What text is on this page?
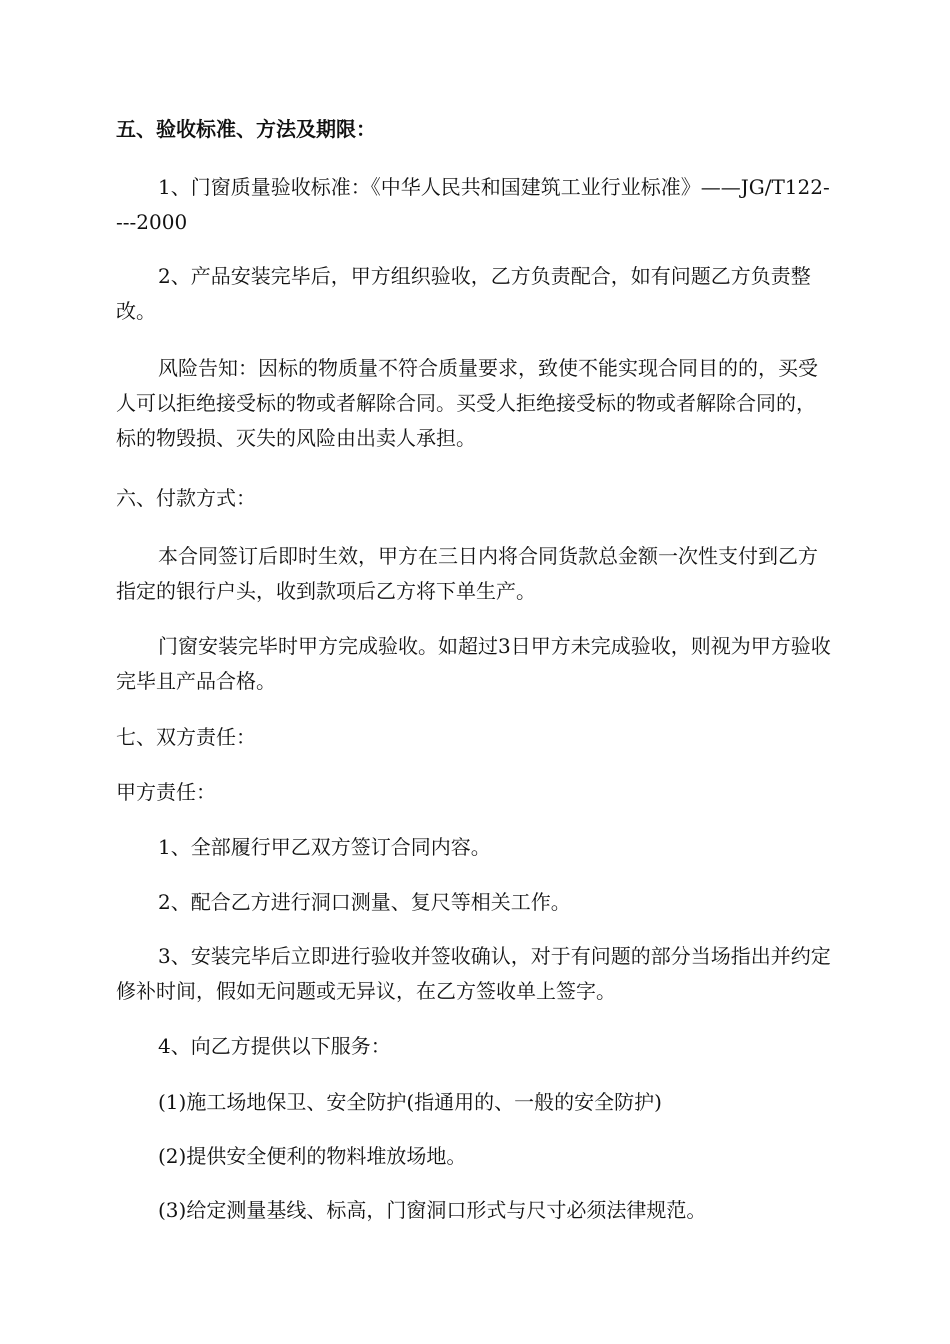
五、验收标准、方法及期限：

1、门窗质量验收标准：《中华人民共和国建筑工业行业标准》——JG/T122----2000

2、产品安装完毕后，甲方组织验收，乙方负责配合，如有问题乙方负责整改。

风险告知：因标的物质量不符合质量要求，致使不能实现合同目的的，买受人可以拒绝接受标的物或者解除合同。买受人拒绝接受标的物或者解除合同的，标的物毁损、灭失的风险由出卖人承担。

六、付款方式：

本合同签订后即时生效，甲方在三日内将合同货款总金额一次性支付到乙方指定的银行户头，收到款项后乙方将下单生产。

门窗安装完毕时甲方完成验收。如超过3日甲方未完成验收，则视为甲方验收完毕且产品合格。

七、双方责任：

甲方责任：

1、全部履行甲乙双方签订合同内容。

2、配合乙方进行洞口测量、复尺等相关工作。

3、安装完毕后立即进行验收并签收确认，对于有问题的部分当场指出并约定修补时间，假如无问题或无异议，在乙方签收单上签字。

4、向乙方提供以下服务：

(1)施工场地保卫、安全防护(指通用的、一般的安全防护)

(2)提供安全便利的物料堆放场地。

(3)给定测量基线、标高，门窗洞口形式与尺寸必须法律规范。
